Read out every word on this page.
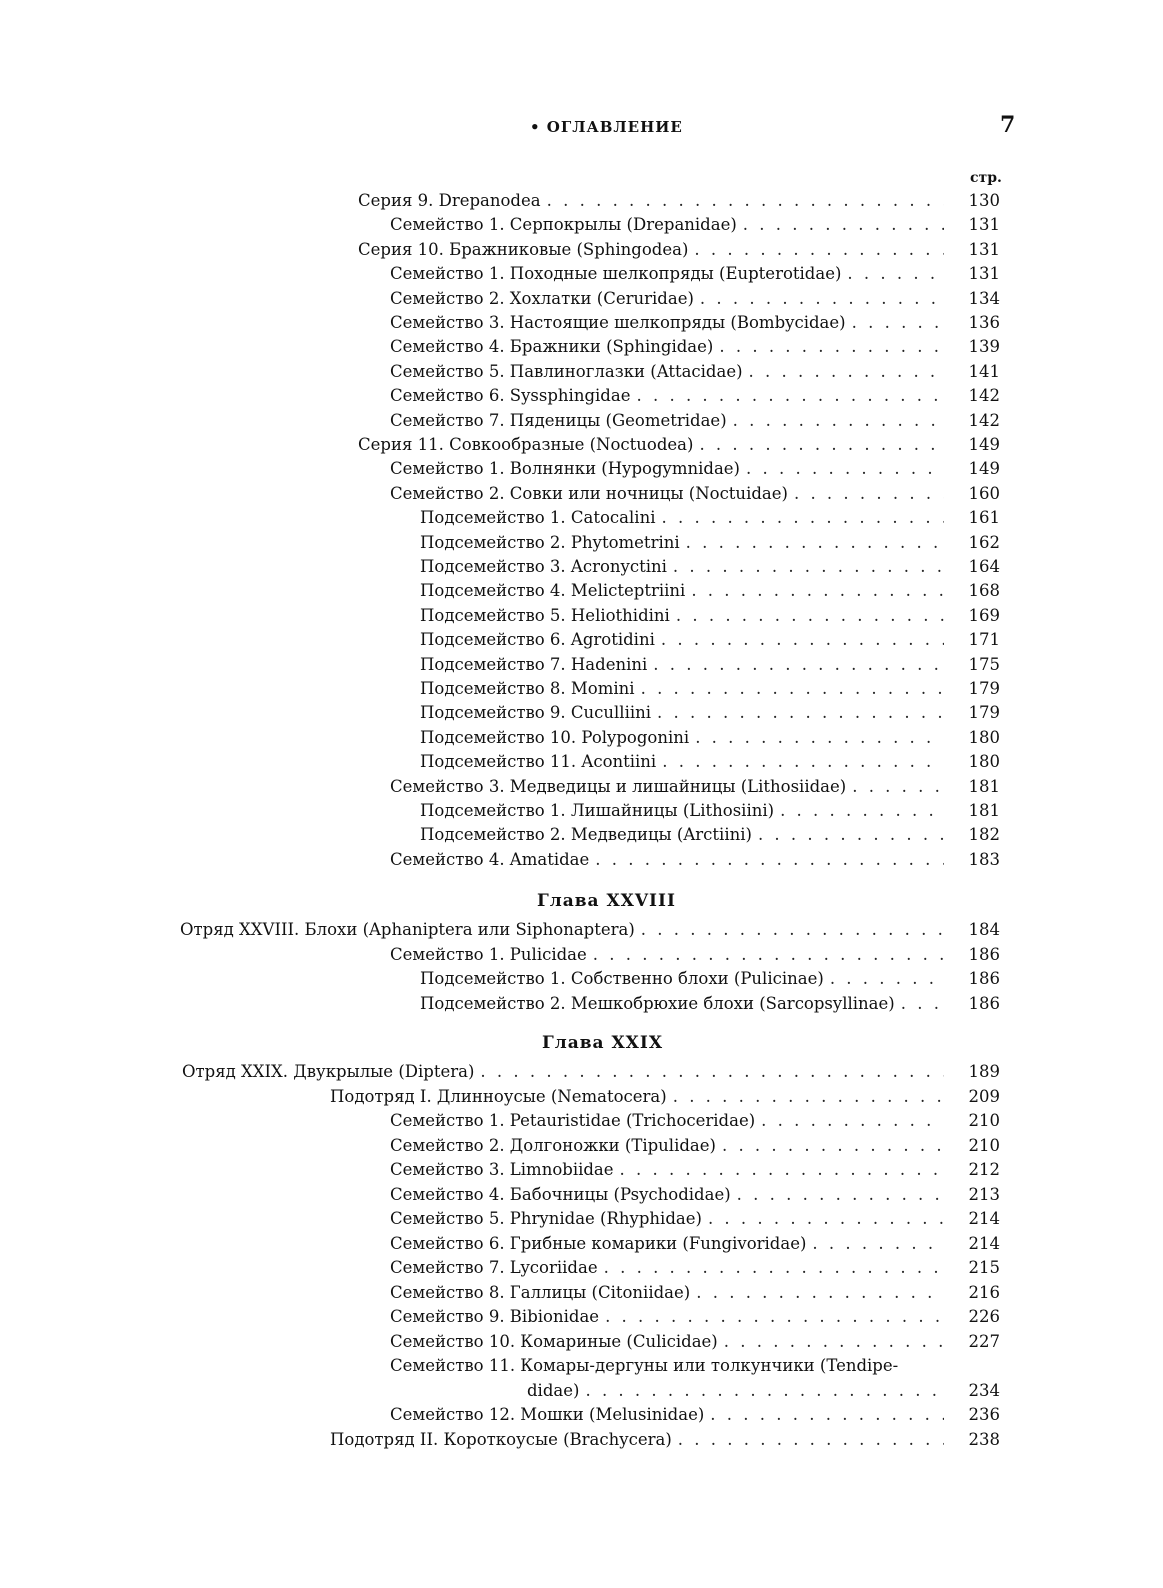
• ОГЛАВЛЕНИЕ	7
стр.
Серия 9. Drepanodea . . .	130
Семейство 1. Серпокрылы (Drepanidae) . . .	131
Серия 10. Бражниковые (Sphingodea) . . .	131
Семейство 1. Походные шелкопряды (Eupterotidae) . . .	131
Семейство 2. Хохлатки (Ceruridae) . . .	134
Семейство 3. Настоящие шелкопряды (Bombycidae) . . .	136
Семейство 4. Бражники (Sphingidae) . . .	139
Семейство 5. Павлиноглазки (Attacidae) . . .	141
Семейство 6. Syssphingidae . . .	142
Семейство 7. Пяденицы (Geometridae) . . .	142
Серия 11. Совкообразные (Noctuodea) . . .	149
Семейство 1. Волнянки (Hypogymnidae) . . .	149
Семейство 2. Совки или ночницы (Noctuidae) . . .	160
Подсемейство 1. Catocalini . . .	161
Подсемейство 2. Phytometrini . . .	162
Подсемейство 3. Acronyctini . . .	164
Подсемейство 4. Melicteptriini . . .	168
Подсемейство 5. Heliothidini . . .	169
Подсемейство 6. Agrotidini . . .	171
Подсемейство 7. Hadenini . . .	175
Подсемейство 8. Momini . . .	179
Подсемейство 9. Cuculliini . . .	179
Подсемейство 10. Polypogonini . . .	180
Подсемейство 11. Acontiini . . .	180
Семейство 3. Медведицы и лишайницы (Lithosiidae) . . .	181
Подсемейство 1. Лишайницы (Lithosiini) . . .	181
Подсемейство 2. Медведицы (Arctiini) . . .	182
Семейство 4. Amatidae . . .	183
Глава XXVIII
Отряд XXVIII. Блохи (Aphaniptera или Siphonaptera) . . .	184
Семейство 1. Pulicidae . . .	186
Подсемейство 1. Собственно блохи (Pulicinae) . . .	186
Подсемейство 2. Мешкобрюхие блохи (Sarcopsyllinae) . . .	186
Глава XXIX
Отряд XXIX. Двукрылые (Diptera) . . .	189
Подотряд I. Длинноусые (Nematocera) . . .	209
Семейство 1. Petauristidae (Trichoceridae) . . .	210
Семейство 2. Долгоножки (Tipulidae) . . .	210
Семейство 3. Limnobiidae . . .	212
Семейство 4. Бабочницы (Psychodidae) . . .	213
Семейство 5. Phrynidae (Rhyphidae) . . .	214
Семейство 6. Грибные комарики (Fungivoridae) . . .	214
Семейство 7. Lycoriidae . . .	215
Семейство 8. Галлицы (Citoniidae) . . .	216
Семейство 9. Bibionidae . . .	226
Семейство 10. Комариные (Culicidae) . . .	227
Семейство 11. Комары-дергуны или толкунчики (Tendipe-
didae) . . .	234
Семейство 12. Мошки (Melusinidae) . . .	236
Подотряд II. Короткоусые (Brachycera) . . .	238
